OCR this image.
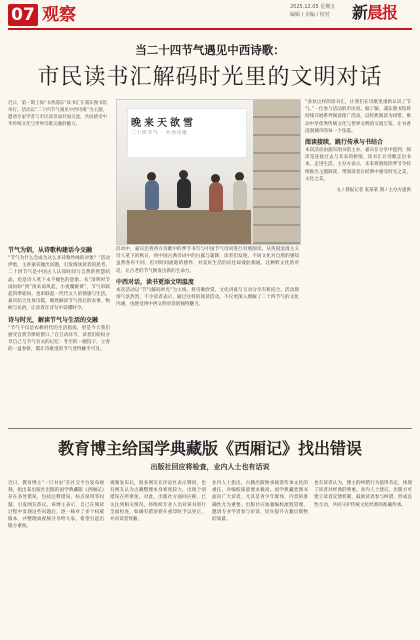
07 观察	2025.12.05 星期五
编辑 / 美编 / 校对 新晨报
当二十四节气遇见中西诗歌：
市民读书汇解码时光里的文明对话
近日，第一期上海“书香浦东”读书汇在浦东图书馆举行。活动以“二十四节气遇见中西诗歌”为主题，邀请专家学者与市民读者面对面交流，共同感受中华传统文化与世界诗歌交融的魅力。	晚来天欲雪
二十四节气 · 中西诗歌
“喜欢这样的读书汇，让我们在诗歌里重新认识了节气。”一位参与活动的市民说。据了解，浦东图书馆将持续开展系列阅读推广活动，以经典阅读为纽带，推动中华优秀传统文化与世界文明的交流互鉴，让书香浸润城市的每一个角落。
阅读接续，跳行传承与书结合
本次活动由浦东图书馆主办，嘉宾在分享中提到，阅读是连接过去与未来的桥梁，读书汇让诗歌走出书本，走进生活。主办方表示，未来将围绕四季节令持续推出主题阅读，带领读者在经典中感受时光之美、文化之美。
文 / 晨报记者 张某某 图 / 主办方提供
节气为钥，从诗歌构建话今交融
“节气为什么会成为这么多诗歌吟咏的对象？”活动伊始，主讲嘉宾抛出问题，引发现场读者的思考。二十四节气是中国古人认知时间与自然的智慧结晶，也是诗人笔下永不褪色的意象。从“清明时节雨纷纷”到“夜来南风起，小麦覆陇黄”，节气串联起四季轮回，也串联起一代代文人的情感与生活。嘉宾结合具体诗篇，细致解读节气背后的农事、物候与民俗，让读者在诗句中读懂时令。
诗与时光，解读节气与生活的交融
“节气不仅是农耕时代的生活指南，更是今天我们感受自然节律的窗口。”在互动环节，读者们纷纷分享自己与节气有关的记忆：冬至的一碗饺子，立春的一盘春饼，都让诗歌里的节气变得触手可及。
活动中，嘉宾还将西方诗歌中的季节书写与中国节气诗词进行对照阅读。从英国浪漫主义诗人笔下的秋日，到中国古典诗词中的白露与霜降，读者们发现，不同文化对自然的感知虽然各有不同，但对时间流逝的感怀、对美好生活的向往却彼此相通。这种跨文化的对话，让古老的节气焕发出新的生命力。
中西对话，读书更添文明温度
本次活动以“节气解码时光”为主线，将诗歌欣赏、文化讲座与互动分享有机结合。活动现场气氛热烈，不少读者表示，通过这样的阅读活动，不仅更深入理解了二十四节气的文化内涵，也感受到中西文明对话的独特魅力。
教育博主给国学典藏版《西厢记》找出错误
出版社回应将检查，业内人士也有话说
近日，教育博主“一只书虫”在社交平台发布视频，指出某出版社出版的国学典藏版《西厢记》存在多处错误，包括注释错误、标点误用等问题，引发网友热议。该博主表示，自己在阅读过程中发现这些问题后，逐一核对了多个权威版本，并整理成视频分享给大家，希望引起出版方重视。
视频发布后，很多网友在评论区表示赞同，也有网友认为古籍整理本身难度较大，出现个别错误在所难免。对此，出版社方面回应称，已关注到相关情况，将组织专业人员对该书进行全面检查，如确有错误将在重印时予以更正，并向读者致歉。
业内人士指出，古籍出版物承载着传承文化的重任，对编校质量要求极高。国学典藏类图书面向广大读者，尤其是青少年群体，内容的准确性尤为重要。出版社应加强编校流程管理，邀请专业学者参与审读，切实提升古籍出版物的质量。
也有读者认为，博主的纠错行为值得肯定，体现了读者对经典的尊重。业内人士建议，出版方可建立读者反馈机制，鼓励读者参与纠错，形成良性互动，共同守护传统文化经典的准确传承。
